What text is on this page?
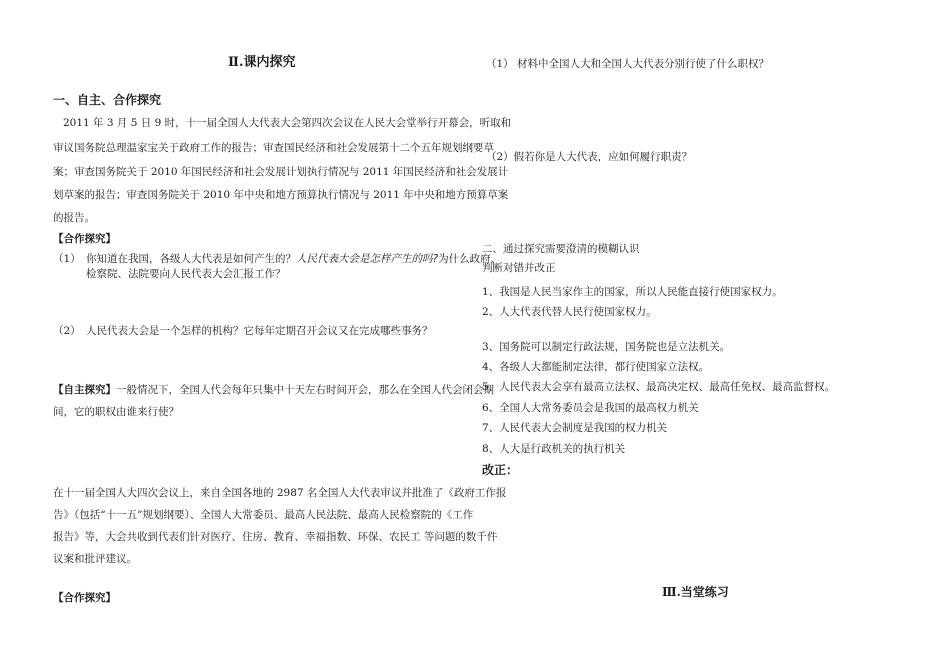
Ⅱ.课内探究
一、自主、合作探究
2011 年 3 月 5 日 9 时，十一届全国人大代表大会第四次会议在人民大会堂举行开幕会，听取和
审议国务院总理温家宝关于政府工作的报告；审查国民经济和社会发展第十二个五年规划纲要草
案；审查国务院关于 2010 年国民经济和社会发展计划执行情况与 2011 年国民经济和社会发展计
划草案的报告；审查国务院关于 2010 年中央和地方预算执行情况与 2011 年中央和地方预算草案
的报告。
【合作探究】
（1） 你知道在我国，各级人大代表是如何产生的？人民代表大会是怎样产生的吗?为什么政府、
检察院、法院要向人民代表大会汇报工作？
（2） 人民代表大会是一个怎样的机构？它每年定期召开会议又在完成哪些事务？
【自主探究】一般情况下，全国人代会每年只集中十天左右时间开会，那么在全国人代会闭会期
间，它的职权由谁来行使？
在十一届全国人大四次会议上，来自全国各地的 2987 名全国人大代表审议并批准了《政府工作报
告》（包括“十一五”规划纲要）、全国人大常委员、最高人民法院、最高人民检察院的《工作
报告》等，大会共收到代表们针对医疗、住房、教育、幸福指数、环保、农民工 等问题的数千件
议案和批评建议。
【合作探究】
（1） 材料中全国人大和全国人大代表分别行使了什么职权？
（2）假若你是人大代表，应如何履行职责？
二、通过探究需要澄清的模糊认识
判断对错并改正
1、我国是人民当家作主的国家，所以人民能直接行使国家权力。
2、人大代表代替人民行使国家权力。
3、国务院可以制定行政法规，国务院也是立法机关。
4、各级人大都能制定法律，都行使国家立法权。
5、人民代表大会享有最高立法权、最高决定权、最高任免权、最高监督权。
6、全国人大常务委员会是我国的最高权力机关
7、人民代表大会制度是我国的权力机关
8、人大是行政机关的执行机关
改正：
Ⅲ.当堂练习
